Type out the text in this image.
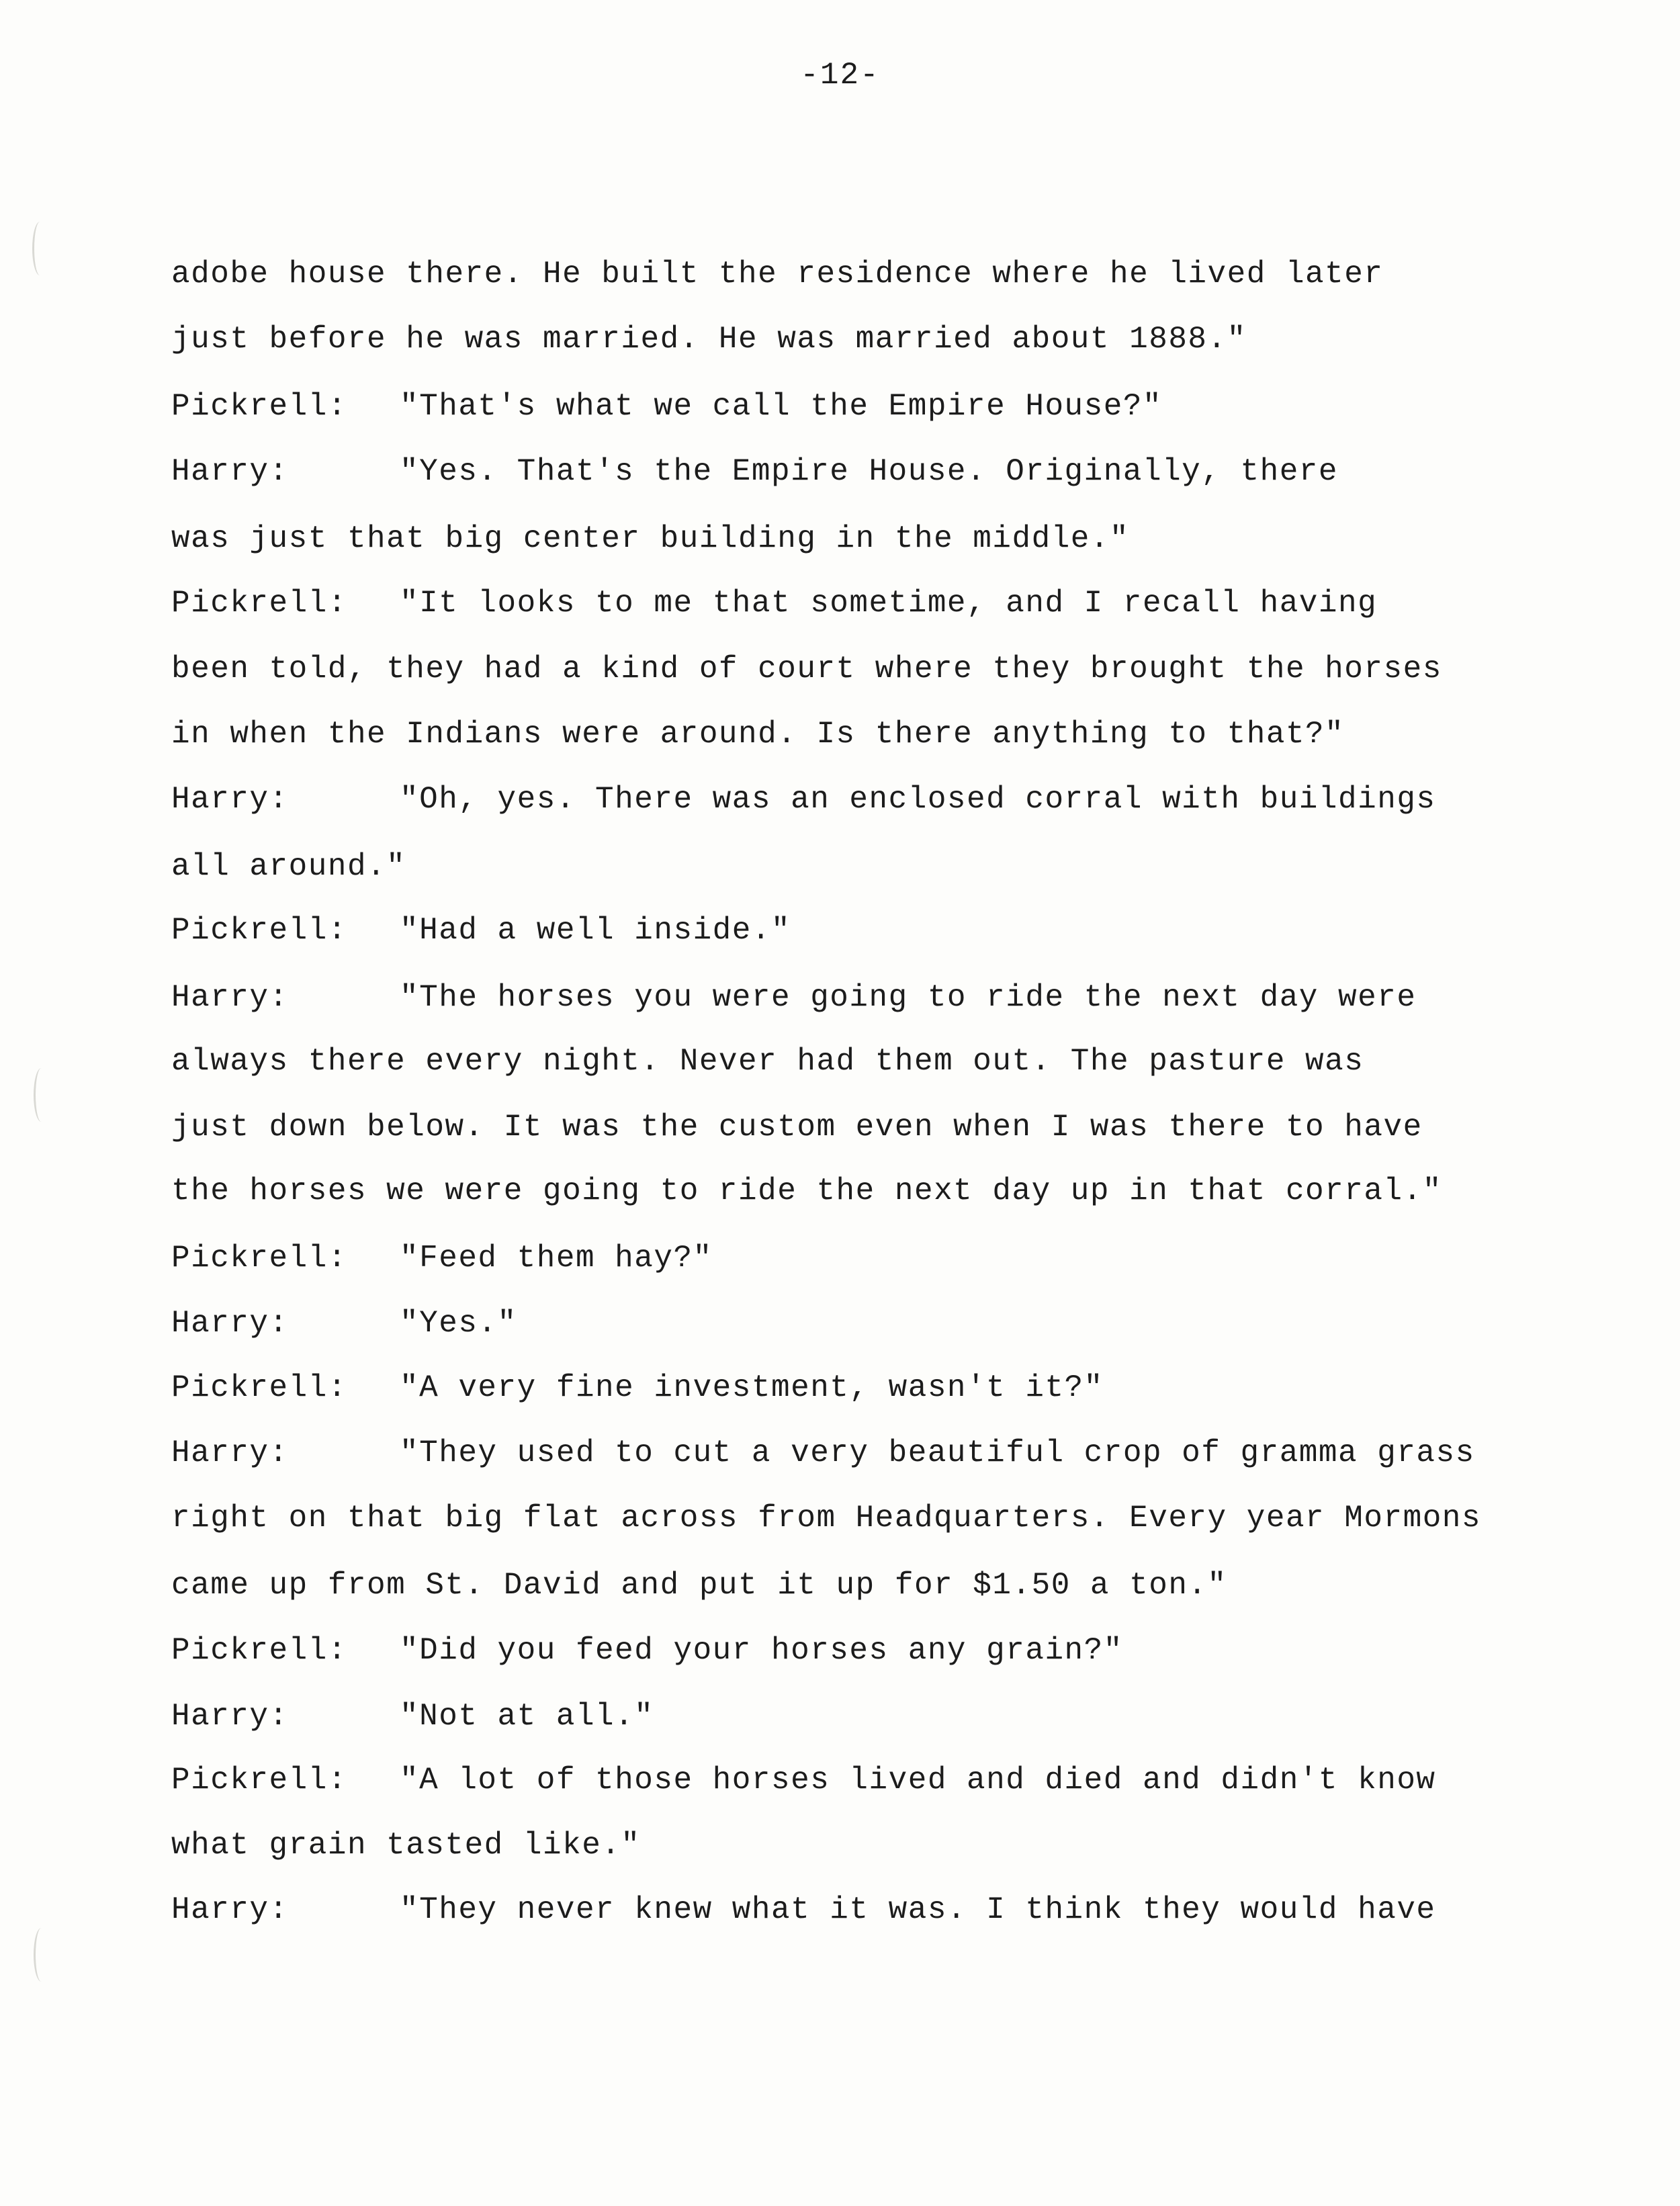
-12-
adobe house there. He built the residence where he lived later
just before he was married. He was married about 1888."
Pickrell: "That's what we call the Empire House?"
Harry:	"Yes. That's the Empire House. Originally, there
was just that big center building in the middle."
Pickrell: "It looks to me that sometime, and I recall having
been told, they had a kind of court where they brought the horses
in when the Indians were around. Is there anything to that?"
Harry:	"Oh, yes. There was an enclosed corral with buildings
all around."
Pickrell: "Had a well inside."
Harry:	"The horses you were going to ride the next day were
always there every night. Never had them out. The pasture was
just down below. It was the custom even when I was there to have
the horses we were going to ride the next day up in that corral."
Pickrell: "Feed them hay?"
Harry:	"Yes."
Pickrell: "A very fine investment, wasn't it?"
Harry:	"They used to cut a very beautiful crop of gramma grass
right on that big flat across from Headquarters. Every year Mormons
came up from St. David and put it up for $1.50 a ton."
Pickrell: "Did you feed your horses any grain?"
Harry:	"Not at all."
Pickrell: "A lot of those horses lived and died and didn't know
what grain tasted like."
Harry:	"They never knew what it was. I think they would have
